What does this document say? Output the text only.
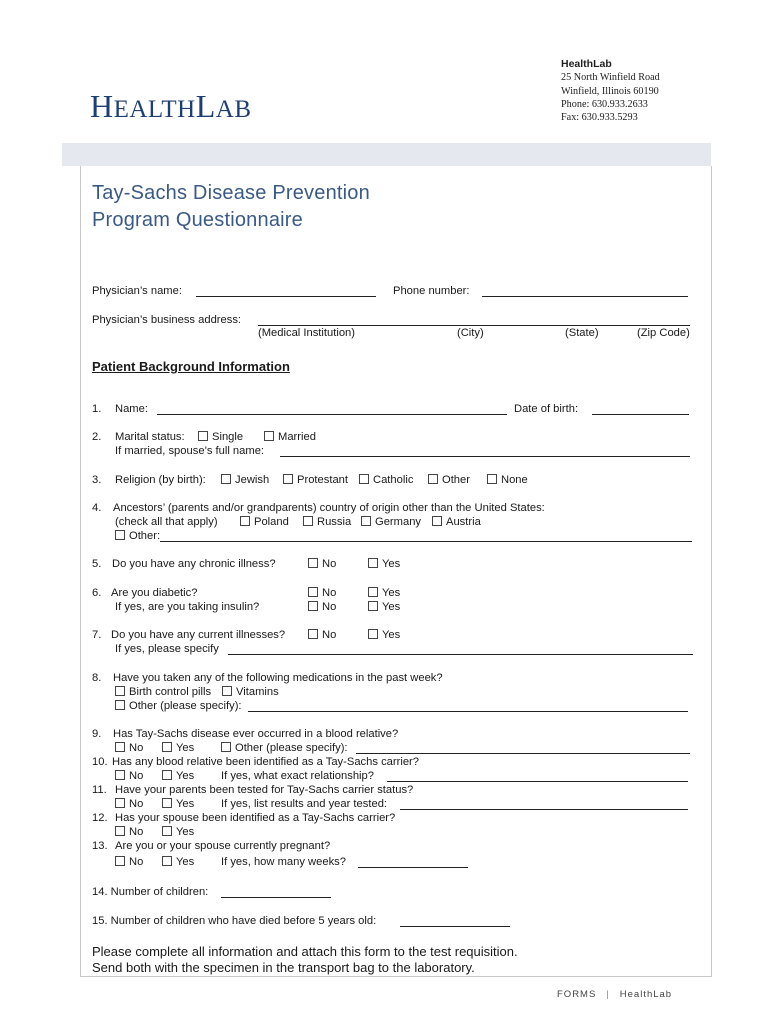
HEALTHLAB
HealthLab
25 North Winfield Road
Winfield, Illinois 60190
Phone: 630.933.2633
Fax: 630.933.5293
Tay-Sachs Disease Prevention
Program Questionnaire
Physician’s name:	Phone number:
Physician’s business address:
(Medical Institution)	(City)	(State)	(Zip Code)
Patient Background Information
1. Name:	Date of birth:
2. Marital status:	Single	Married
If married, spouse’s full name:
3. Religion (by birth):	Jewish	Protestant	Catholic	Other	None
4. Ancestors’ (parents and/or grandparents) country of origin other than the United States:
(check all that apply)	Poland	Russia	Germany	Austria
Other:
5. Do you have any chronic illness?	No	Yes
6. Are you diabetic?	No	Yes
If yes, are you taking insulin?	No	Yes
7. Do you have any current illnesses?	No	Yes
If yes, please specify
8. Have you taken any of the following medications in the past week?
Birth control pills	Vitamins
Other (please specify):
9. Has Tay-Sachs disease ever occurred in a blood relative?
No	Yes	Other (please specify):
10. Has any blood relative been identified as a Tay-Sachs carrier?
No	Yes If yes, what exact relationship?
11. Have your parents been tested for Tay-Sachs carrier status?
No	Yes If yes, list results and year tested:
12. Has your spouse been identified as a Tay-Sachs carrier?
No	Yes
13. Are you or your spouse currently pregnant?
No	Yes If yes, how many weeks?
14. Number of children:
15. Number of children who have died before 5 years old:
Please complete all information and attach this form to the test requisition.
Send both with the specimen in the transport bag to the laboratory.
FORMS | HealthLab
